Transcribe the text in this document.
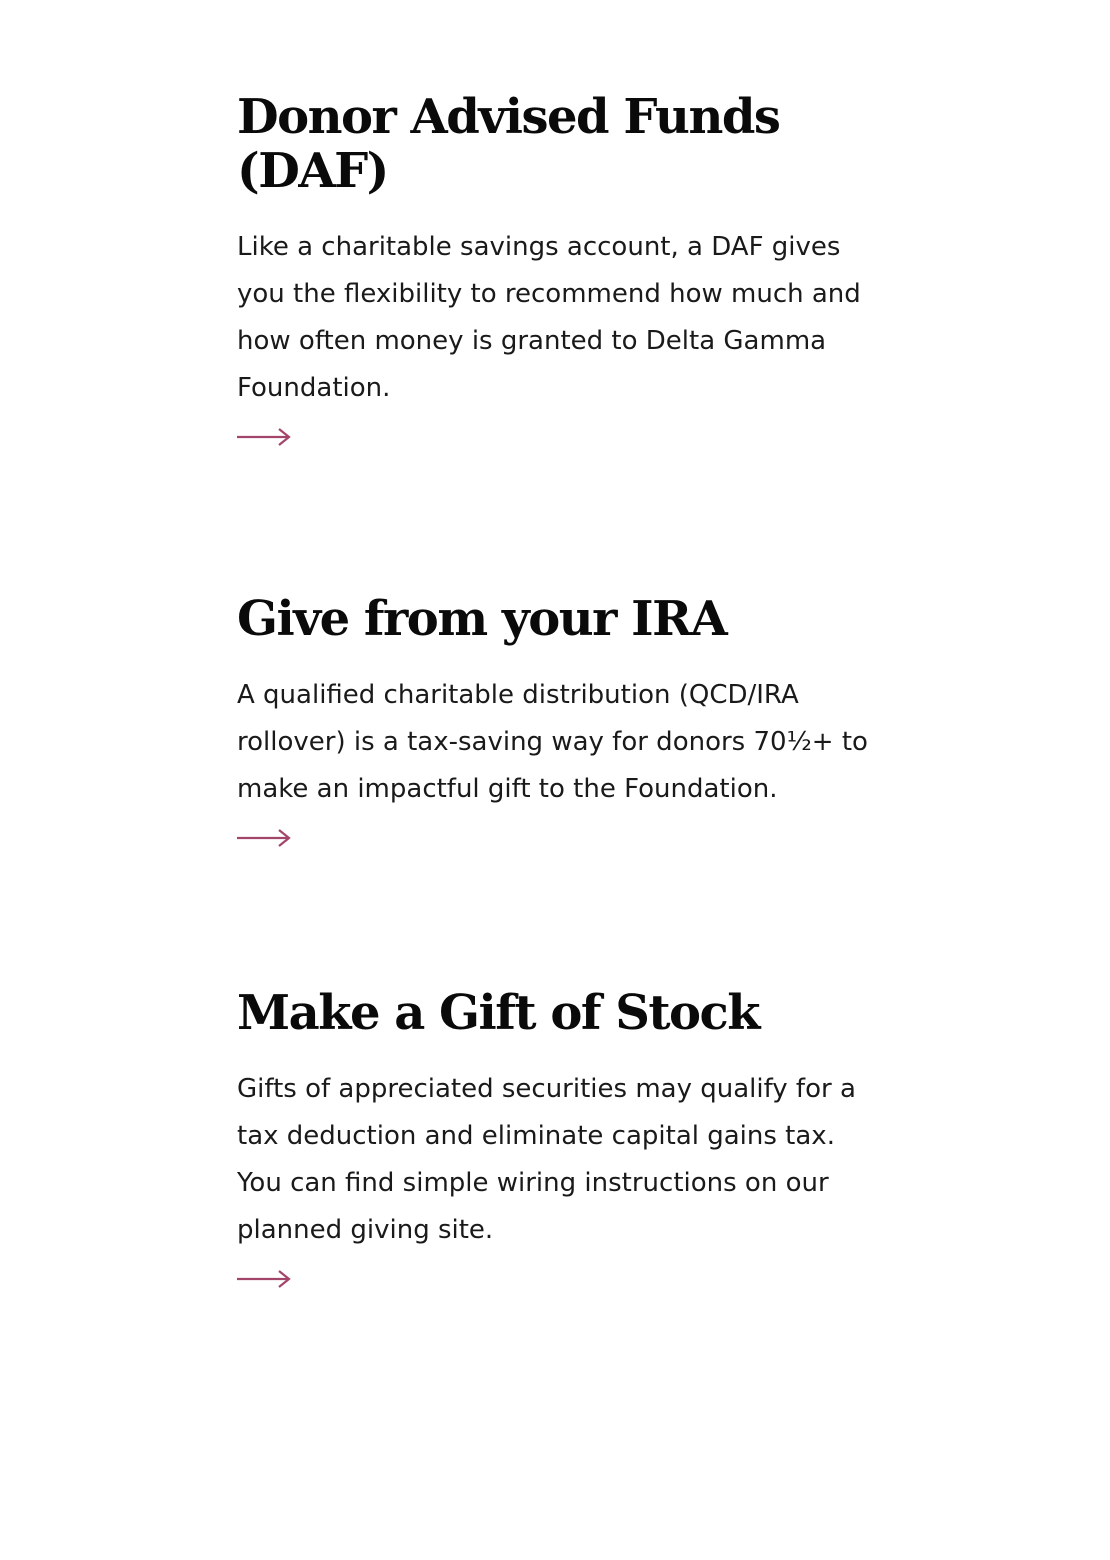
Donor Advised Funds (DAF)

Like a charitable savings account, a DAF gives you the flexibility to recommend how much and how often money is granted to Delta Gamma Foundation.

Give from your IRA

A qualified charitable distribution (QCD/IRA rollover) is a tax-saving way for donors 70½+ to make an impactful gift to the Foundation.

Make a Gift of Stock

Gifts of appreciated securities may qualify for a tax deduction and eliminate capital gains tax. You can find simple wiring instructions on our planned giving site.
